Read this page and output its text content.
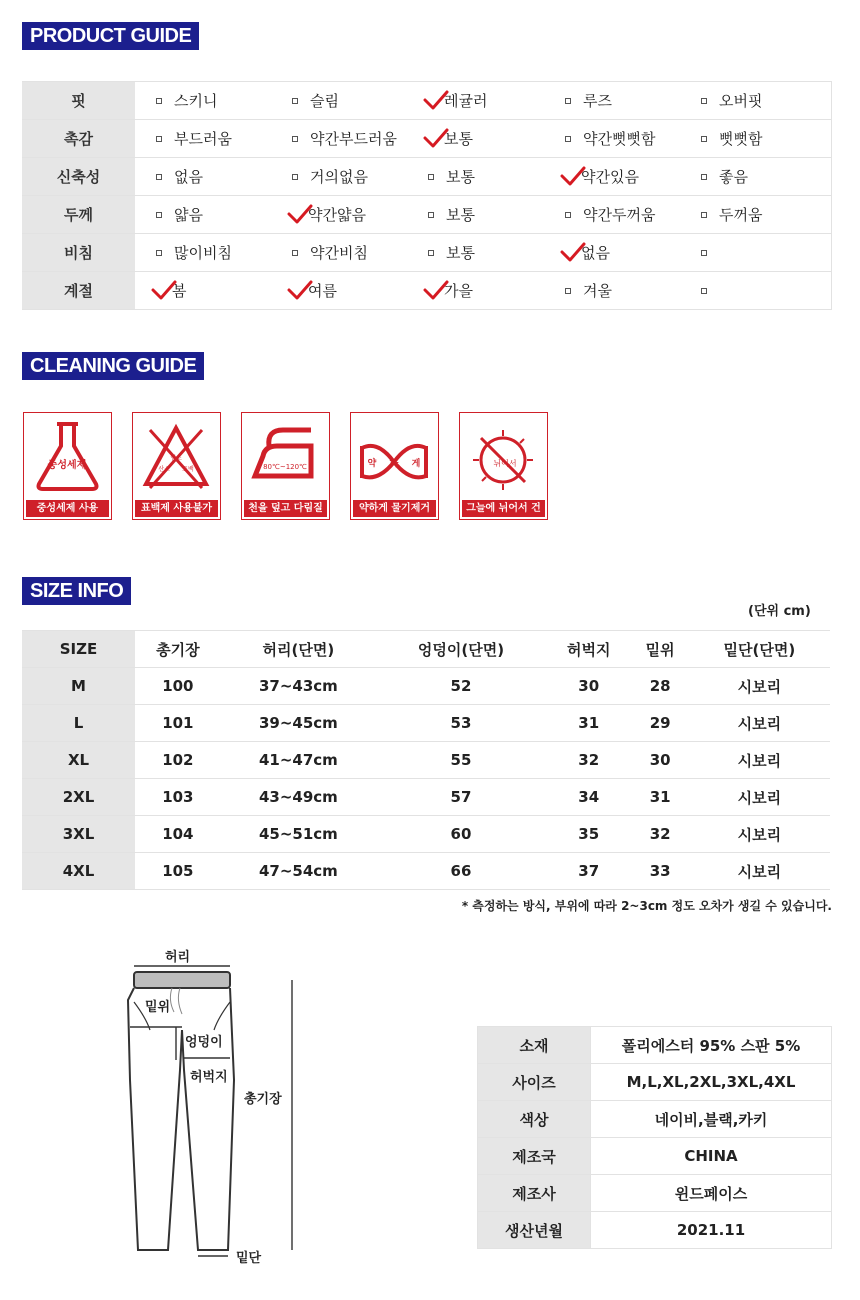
PRODUCT GUIDE
핏	스키니	슬림	레귤러	루즈	오버핏
촉감	부드러움	약간부드러움	보통	약간뻣뻣함	뻣뻣함
신축성	없음	거의없음	보통	약간있음	좋음
두께	얇음	약간얇음	보통	약간두꺼움	두꺼움
비침	많이비침	약간비침	보통	없음
계절	봄	여름	가을	겨울
CLEANING GUIDE
중성세제
중성세제 사용
염소
산소 표백
표백제 사용불가
80℃~120℃
천을 덮고 다림질
약 하 게
약하게 물기제거
뉘어서
그늘에 뉘어서 건조
SIZE INFO
(단위 cm)
SIZE	총기장	허리(단면)	엉덩이(단면)	허벅지	밑위	밑단(단면)
M	100	37~43cm	52	30	28	시보리
L	101	39~45cm	53	31	29	시보리
XL	102	41~47cm	55	32	30	시보리
2XL	103	43~49cm	57	34	31	시보리
3XL	104	45~51cm	60	35	32	시보리
4XL	105	47~54cm	66	37	33	시보리
* 측정하는 방식, 부위에 따라 2~3cm 정도 오차가 생길 수 있습니다.
허리
밑위
엉덩이
허벅지
총기장
밑단
소재	폴리에스터 95% 스판 5%
사이즈	M,L,XL,2XL,3XL,4XL
색상	네이비,블랙,카키
제조국	CHINA
제조사	윈드페이스
생산년월	2021.11
